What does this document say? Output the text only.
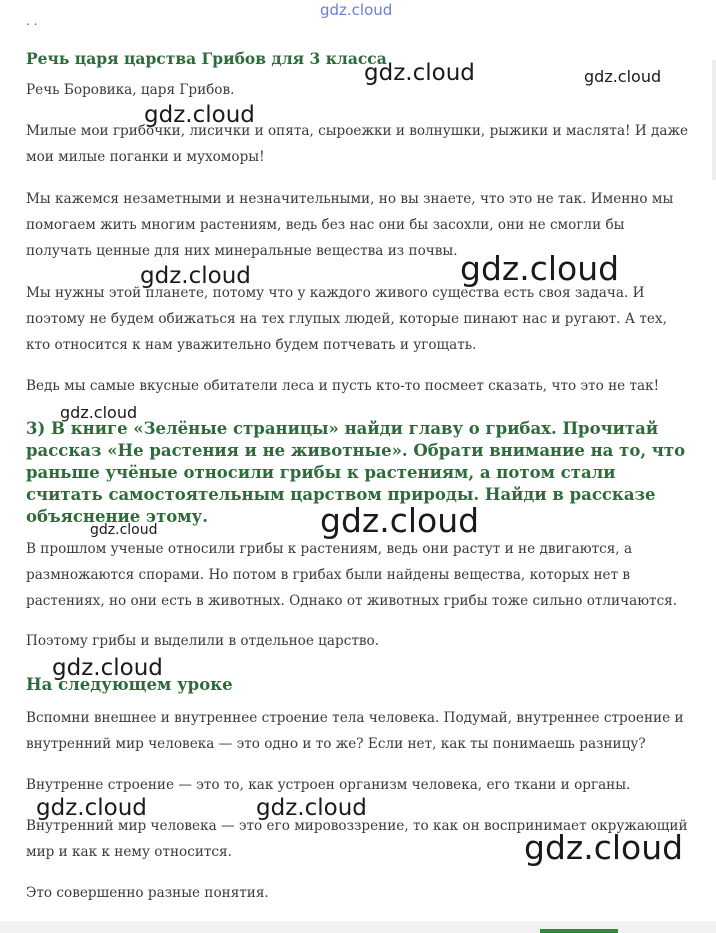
. .
gdz.cloud
Речь царя царства Грибов для 3 класса
Речь Боровика, царя Грибов.
Милые мои грибочки, лисички и опята, сыроежки и волнушки, рыжики и маслята! И даже мои милые поганки и мухоморы!
Мы кажемся незаметными и незначительными, но вы знаете, что это не так. Именно мы помогаем жить многим растениям, ведь без нас они бы засохли, они не смогли бы получать ценные для них минеральные вещества из почвы.
Мы нужны этой планете, потому что у каждого живого существа есть своя задача. И поэтому не будем обижаться на тех глупых людей, которые пинают нас и ругают. А тех, кто относится к нам уважительно будем потчевать и угощать.
Ведь мы самые вкусные обитатели леса и пусть кто-то посмеет сказать, что это не так!
3) В книге «Зелёные страницы» найди главу о грибах. Прочитай рассказ «Не растения и не животные». Обрати внимание на то, что раньше учёные относили грибы к растениям, а потом стали считать самостоятельным царством природы. Найди в рассказе объяснение этому.
В прошлом ученые относили грибы к растениям, ведь они растут и не двигаются, а размножаются спорами. Но потом в грибах были найдены вещества, которых нет в растениях, но они есть в животных. Однако от животных грибы тоже сильно отличаются.
Поэтому грибы и выделили в отдельное царство.
На следующем уроке
Вспомни внешнее и внутреннее строение тела человека. Подумай, внутреннее строение и внутренний мир человека — это одно и то же? Если нет, как ты понимаешь разницу?
Внутренне строение — это то, как устроен организм человека, его ткани и органы.
Внутренний мир человека — это его мировоззрение, то как он воспринимает окружающий мир и как к нему относится.
Это совершенно разные понятия.
gdz.cloud	gdz.cloud
gdz.cloud
gdz.cloud	gdz.cloud
gdz.cloud
gdz.cloud
gdz.cloud
gdz.cloud
gdz.cloud	gdz.cloud
gdz.cloud
